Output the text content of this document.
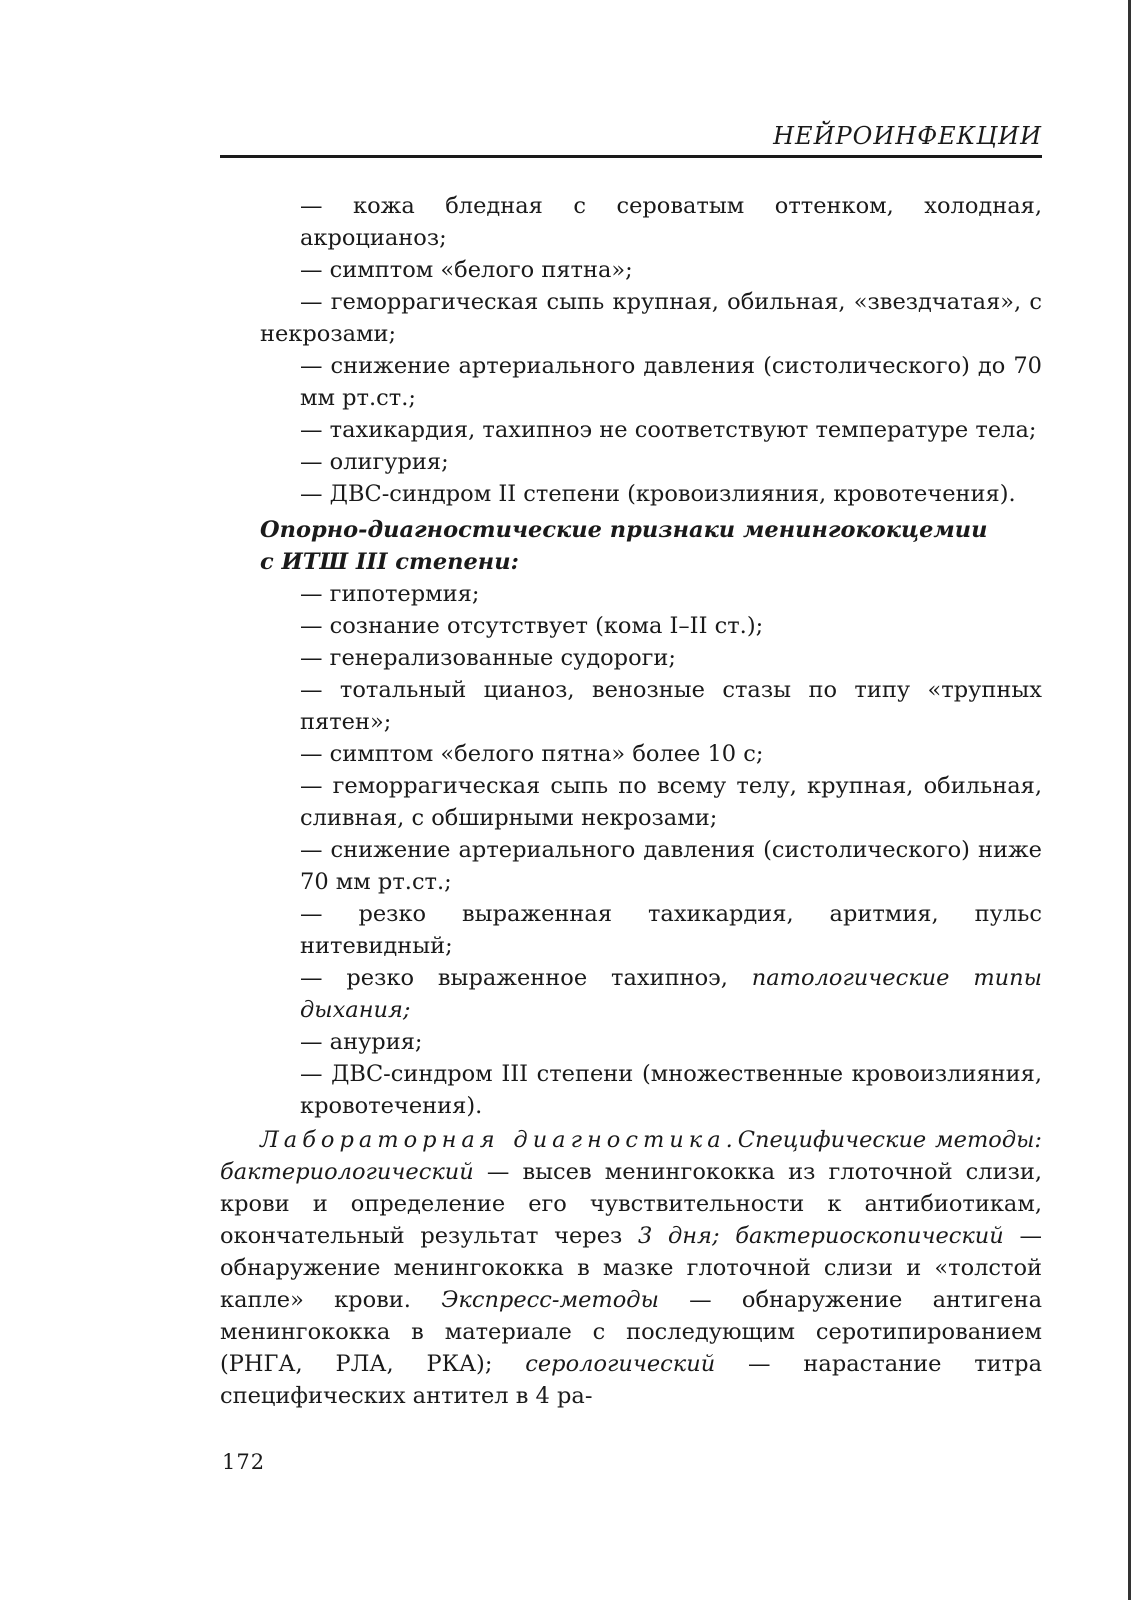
НЕЙРОИНФЕКЦИИ
— кожа бледная с сероватым оттенком, холодная, акроцианоз;
— симптом «белого пятна»;
— геморрагическая сыпь крупная, обильная, «звездчатая», с некрозами;
— снижение артериального давления (систолического) до 70 мм рт.ст.;
— тахикардия, тахипноэ не соответствуют температуре тела;
— олигурия;
— ДВС-синдром II степени (кровоизлияния, кровотечения).
Опорно-диагностические признаки менингококцемии
с ИТШ III степени:
— гипотермия;
— сознание отсутствует (кома I–II ст.);
— генерализованные судороги;
— тотальный цианоз, венозные стазы по типу «трупных пятен»;
— симптом «белого пятна» более 10 с;
— геморрагическая сыпь по всему телу, крупная, обильная, сливная, с обширными некрозами;
— снижение артериального давления (систолического) ниже 70 мм рт.ст.;
— резко выраженная тахикардия, аритмия, пульс нитевидный;
— резко выраженное тахипноэ, патологические типы дыхания;
— анурия;
— ДВС-синдром III степени (множественные кровоизлияния, кровотечения).
Лабораторная диагностика.Специфические методы: бактериологический — высев менингококка из глоточной слизи, крови и определение его чувствительности к антибиотикам, окончательный результат через 3 дня; бактериоскопический — обнаружение менингококка в мазке глоточной слизи и «толстой капле» крови. Экспресс-методы — обнаружение антигена менингококка в материале с последующим серотипированием (РНГА, РЛА, РКА); серологический — нарастание титра специфических антител в 4 ра-
172
